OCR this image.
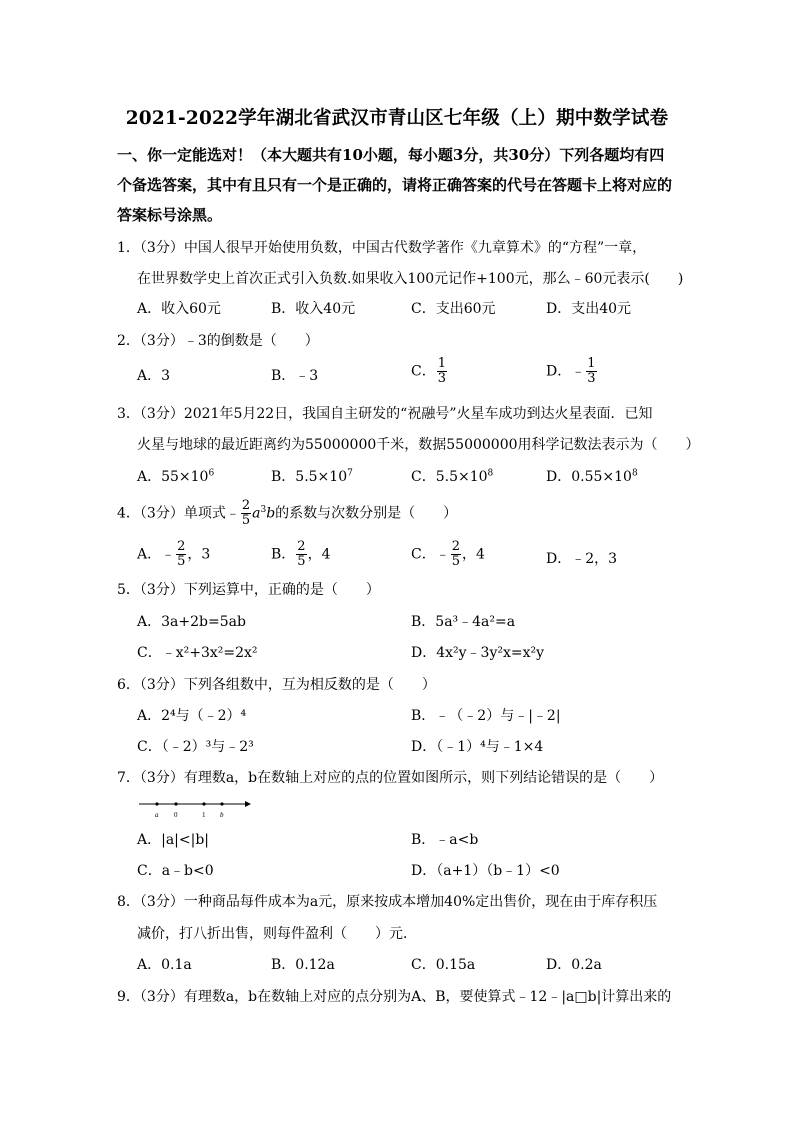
2021-2022学年湖北省武汉市青山区七年级（上）期中数学试卷
一、你一定能选对！（本大题共有10小题，每小题3分，共30分）下列各题均有四个备选答案，其中有且只有一个是正确的，请将正确答案的代号在答题卡上将对应的答案标号涂黑。
1．（3分）中国人很早开始使用负数，中国古代数学著作《九章算术》的“方程”一章，
在世界数学史上首次正式引入负数.如果收入100元记作+100元，那么﹣60元表示(　　)
A．收入60元	B．收入40元	C．支出60元	D．支出40元
2．（3分）﹣3的倒数是（　　）
A．3	B．﹣3	C． $\frac{1}{3}$	D．﹣ $\frac{1}{3}$
3．（3分）2021年5月22日，我国自主研发的“祝融号”火星车成功到达火星表面．已知
火星与地球的最近距离约为55000000千米，数据55000000用科学记数法表示为（　　）
A．$55\times 10^6$	B．$5.5\times 10^7$	C．$5.5\times 10^8$	D．$0.55\times 10^8$
4．（3分）单项式﹣ $\frac{2}{5} a^3b$的系数与次数分别是（　　）
A．﹣ $\frac{2}{5}$ ，3	B． $\frac{2}{5}$ ，4	C．﹣ $\frac{2}{5}$ ，4	D．﹣2，3
5．（3分）下列运算中，正确的是（　　）
A．3a+2b=5ab	B．5a³﹣4a²=a
C．﹣x²+3x²=2x²	D．4x²y﹣3y²x=x²y
6．（3分）下列各组数中，互为相反数的是（　　）
A．2⁴与（﹣2）⁴	B．﹣（﹣2）与﹣|﹣2|
C．（﹣2）³与﹣2³	D．（﹣1）⁴与﹣1×4
7．（3分）有理数a，b在数轴上对应的点的位置如图所示，则下列结论错误的是（　　）
a 0	1 b
A．|a|<|b|	B．﹣a<b
C．a﹣b<0	D．（a+1）（b﹣1）<0
8．（3分）一种商品每件成本为a元，原来按成本增加40%定出售价，现在由于库存积压
减价，打八折出售，则每件盈利（　　）元．
A．0.1a	B．0.12a	C．0.15a	D．0.2a
9．（3分）有理数a，b在数轴上对应的点分别为A、B，要使算式﹣12﹣|a□b|计算出来的
